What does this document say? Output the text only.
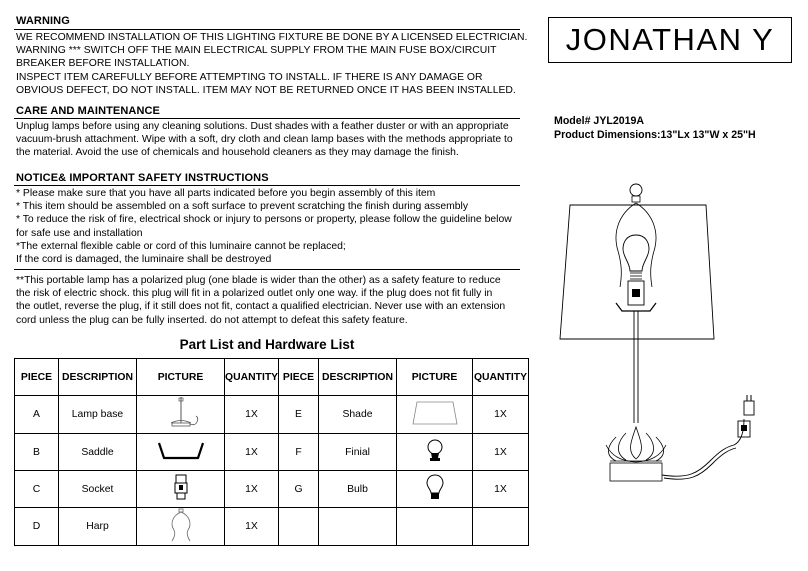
WARNING
WE RECOMMEND INSTALLATION OF THIS LIGHTING FIXTURE BE DONE BY A LICENSED ELECTRICIAN.
WARNING *** SWITCH OFF THE MAIN ELECTRICAL SUPPLY FROM THE MAIN FUSE BOX/CIRCUIT
BREAKER BEFORE INSTALLATION.
INSPECT ITEM CAREFULLY BEFORE ATTEMPTING TO INSTALL. IF THERE IS ANY DAMAGE OR
OBVIOUS DEFECT, DO NOT INSTALL. ITEM MAY NOT BE RETURNED ONCE IT HAS BEEN INSTALLED.
CARE AND MAINTENANCE
Unplug lamps before using any cleaning solutions. Dust shades with a feather duster or with an appropriate
vacuum-brush attachment. Wipe with a soft, dry cloth and clean lamp bases with the methods appropriate to
the material. Avoid the use of chemicals and household cleaners as they may damage the finish.
NOTICE& IMPORTANT SAFETY INSTRUCTIONS
* Please make sure that you have all parts indicated before you begin assembly of this item
* This item should be assembled on a soft surface to prevent scratching the finish during assembly
* To reduce the risk of fire, electrical shock or injury to persons or property, please follow the guideline below
for safe use and installation
*The external flexible cable or cord of this luminaire cannot be replaced;
If the cord is damaged, the luminaire shall be destroyed
**This portable lamp has a polarized plug (one blade is wider than the other) as a safety feature to reduce
the risk of electric shock. this plug will fit in a polarized outlet only one way. if the plug does not fit fully in
the outlet, reverse the plug, if it still does not fit, contact a qualified electrician. Never use with an extension
cord unless the plug can be fully inserted. do not attempt to defeat this safety feature.
Part List and Hardware List
PIECE	DESCRIPTION	PICTURE	QUANTITY	PIECE	DESCRIPTION	PICTURE	QUANTITY
A	Lamp base		1X	E	Shade		1X
B	Saddle		1X	F	Finial		1X
C	Socket		1X	G	Bulb		1X
D	Harp		1X				
JONATHAN Y
Model# JYL2019A
Product Dimensions:13"Lx 13"W x 25"H
